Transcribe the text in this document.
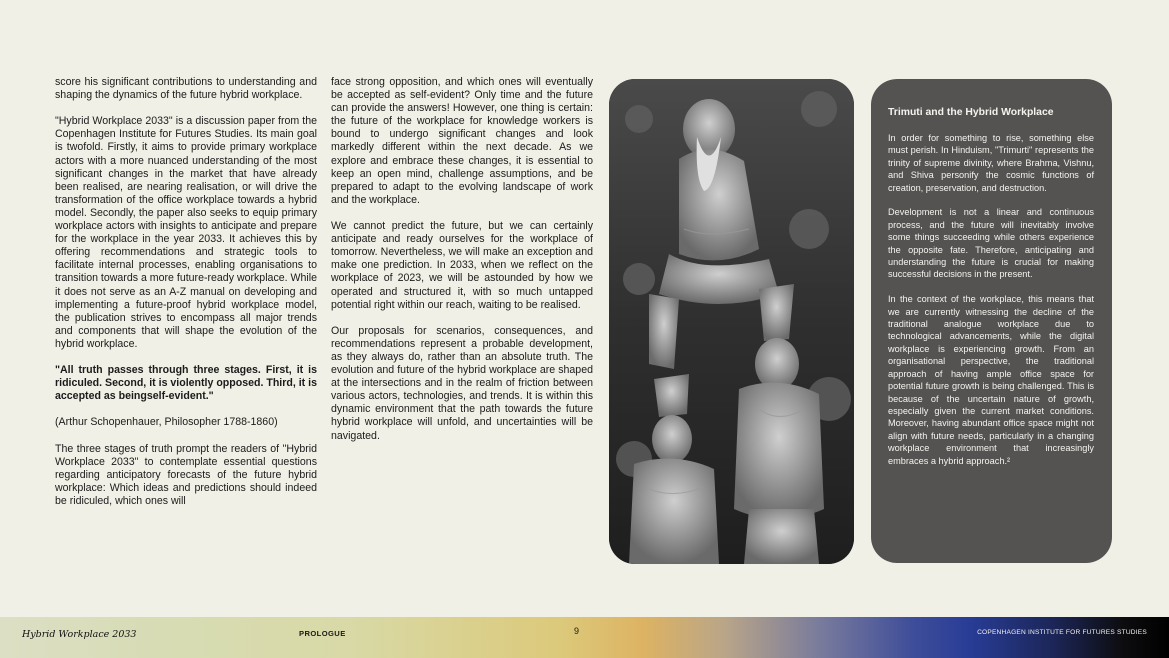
score his significant contributions to understanding and shaping the dynamics of the future hybrid workplace.

"Hybrid Workplace 2033" is a discussion paper from the Copenhagen Institute for Futures Studies. Its main goal is twofold. Firstly, it aims to provide primary workplace actors with a more nuanced understanding of the most significant changes in the market that have already been realised, are nearing realisation, or will drive the transformation of the office workplace towards a hybrid model. Secondly, the paper also seeks to equip primary workplace actors with insights to anticipate and prepare for the workplace in the year 2033. It achieves this by offering recommendations and strategic tools to facilitate internal processes, enabling organisations to transition towards a more future-ready workplace. While it does not serve as an A-Z manual on developing and implementing a future-proof hybrid workplace model, the publication strives to encompass all major trends and components that will shape the evolution of the hybrid workplace.

"All truth passes through three stages. First, it is ridiculed. Second, it is violently opposed. Third, it is accepted as beingself-evident."

(Arthur Schopenhauer, Philosopher 1788-1860)

The three stages of truth prompt the readers of "Hybrid Workplace 2033" to contemplate essential questions regarding anticipatory forecasts of the future hybrid workplace: Which ideas and predictions should indeed be ridiculed, which ones will

face strong opposition, and which ones will eventually be accepted as self-evident? Only time and the future can provide the answers! However, one thing is certain: the future of the workplace for knowledge workers is bound to undergo significant changes and look markedly different within the next decade. As we explore and embrace these changes, it is essential to keep an open mind, challenge assumptions, and be prepared to adapt to the evolving landscape of work and the workplace.

We cannot predict the future, but we can certainly anticipate and ready ourselves for the workplace of tomorrow. Nevertheless, we will make an exception and make one prediction. In 2033, when we reflect on the workplace of 2023, we will be astounded by how we operated and structured it, with so much untapped potential right within our reach, waiting to be realised.

Our proposals for scenarios, consequences, and recommendations represent a probable development, as they always do, rather than an absolute truth. The evolution and future of the hybrid workplace are shaped at the intersections and in the realm of friction between various actors, technologies, and trends. It is within this dynamic environment that the path towards the future hybrid workplace will unfold, and uncertainties will be navigated.

Trimuti and the Hybrid Workplace

In order for something to rise, something else must perish. In Hinduism, "Trimurti" represents the trinity of supreme divinity, where Brahma, Vishnu, and Shiva personify the cosmic functions of creation, preservation, and destruction.

Development is not a linear and continuous process, and the future will inevitably involve some things succeeding while others experience the opposite fate. Therefore, anticipating and understanding the future is crucial for making successful decisions in the present.

In the context of the workplace, this means that we are currently witnessing the decline of the traditional analogue workplace due to technological advancements, while the digital workplace is experiencing growth. From an organisational perspective, the traditional approach of having ample office space for potential future growth is being challenged. This is because of the uncertain nature of growth, especially given the current market conditions. Moreover, having abundant office space might not align with future needs, particularly in a changing workplace environment that increasingly embraces a hybrid approach.²

Hybrid Workplace 2033	PROLOGUE	9	COPENHAGEN INSTITUTE FOR FUTURES STUDIES
